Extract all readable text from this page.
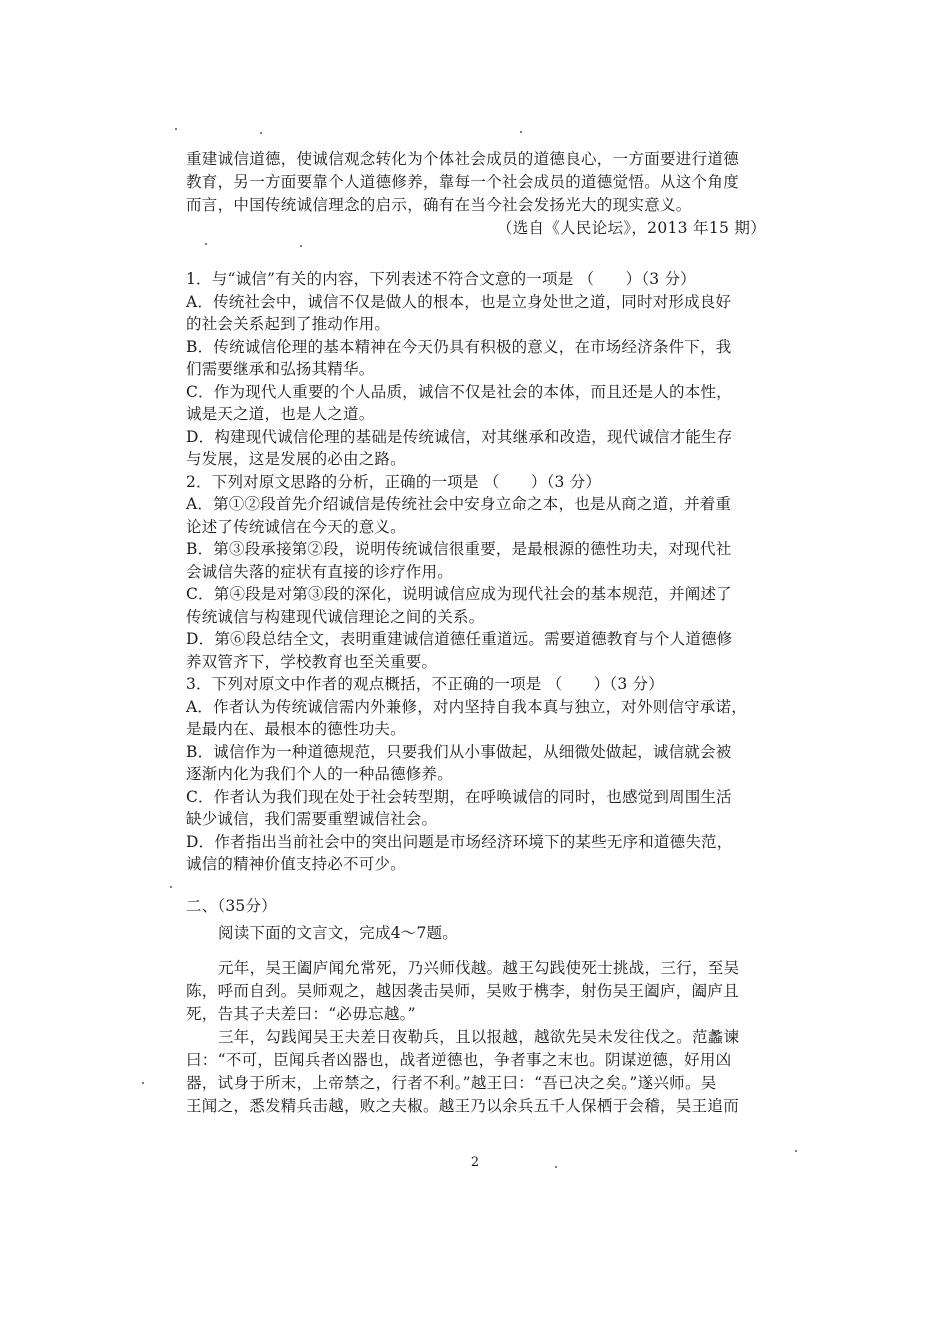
重建诚信道德，使诚信观念转化为个体社会成员的道德良心，一方面要进行道德
教育，另一方面要靠个人道德修养，靠每一个社会成员的道德觉悟。从这个角度
而言，中国传统诚信理念的启示，确有在当今社会发扬光大的现实意义。
（选自《人民论坛》，2013 年15 期）
1．与“诚信”有关的内容，下列表述不符合文意的一项是 （　　）（3 分）
A．传统社会中，诚信不仅是做人的根本，也是立身处世之道，同时对形成良好
的社会关系起到了推动作用。
B．传统诚信伦理的基本精神在今天仍具有积极的意义，在市场经济条件下，我
们需要继承和弘扬其精华。
C．作为现代人重要的个人品质，诚信不仅是社会的本体，而且还是人的本性，
诚是天之道，也是人之道。
D．构建现代诚信伦理的基础是传统诚信，对其继承和改造，现代诚信才能生存
与发展，这是发展的必由之路。
2．下列对原文思路的分析，正确的一项是 （　　）（3 分）
A．第①②段首先介绍诚信是传统社会中安身立命之本，也是从商之道，并着重
论述了传统诚信在今天的意义。
B．第③段承接第②段，说明传统诚信很重要，是最根源的德性功夫，对现代社
会诚信失落的症状有直接的诊疗作用。
C．第④段是对第③段的深化，说明诚信应成为现代社会的基本规范，并阐述了
传统诚信与构建现代诚信理论之间的关系。
D．第⑥段总结全文，表明重建诚信道德任重道远。需要道德教育与个人道德修
养双管齐下，学校教育也至关重要。
3．下列对原文中作者的观点概括，不正确的一项是 （　　）（3 分）
A．作者认为传统诚信需内外兼修，对内坚持自我本真与独立，对外则信守承诺，
是最内在、最根本的德性功夫。
B．诚信作为一种道德规范，只要我们从小事做起，从细微处做起，诚信就会被
逐渐内化为我们个人的一种品德修养。
C．作者认为我们现在处于社会转型期，在呼唤诚信的同时，也感觉到周围生活
缺少诚信，我们需要重塑诚信社会。
D．作者指出当前社会中的突出问题是市场经济环境下的某些无序和道德失范，
诚信的精神价值支持必不可少。
二、（35分）
阅读下面的文言文，完成4～7题。
元年，吴王阖庐闻允常死，乃兴师伐越。越王勾践使死士挑战，三行，至吴
陈，呼而自刭。吴师观之，越因袭击吴师，吴败于槜李，射伤吴王阖庐，阖庐且
死，告其子夫差曰：“必毋忘越。”
三年，勾践闻吴王夫差日夜勒兵，且以报越，越欲先吴未发往伐之。范蠡谏
曰：“不可，臣闻兵者凶器也，战者逆德也，争者事之末也。阴谋逆德，好用凶
器，试身于所末，上帝禁之，行者不利。”越王曰：“吾已决之矣。”遂兴师。吴
王闻之，悉发精兵击越，败之夫椒。越王乃以余兵五千人保栖于会稽，吴王追而
2
